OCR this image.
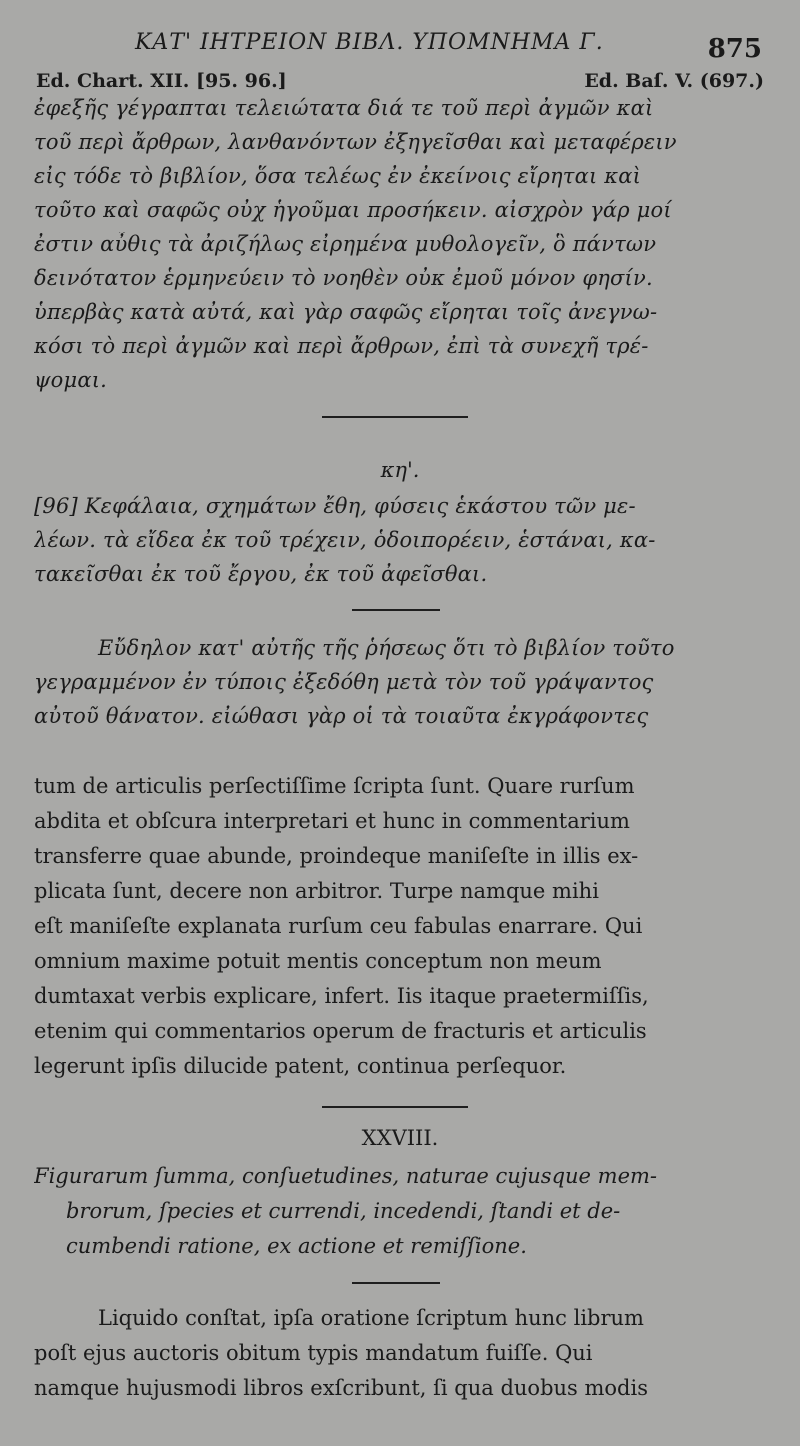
ΚΑΤ' ΙΗΤΡΕΙΟΝ ΒΙΒΛ. ΥΠΟΜΝΗΜΑ Γ.	875
Ed. Chart. XII. [95. 96.]	Ed. Baſ. V. (697.)
ἐφεξῆς γέγραπται τελειώτατα διά τε τοῦ περὶ ἀγμῶν καὶ
τοῦ περὶ ἄρθρων, λανθανόντων ἐξηγεῖσθαι καὶ μεταφέρειν
εἰς τόδε τὸ βιβλίον, ὅσα τελέως ἐν ἐκείνοις εἴρηται καὶ
τοῦτο καὶ σαφῶς οὐχ ἡγοῦμαι προσήκειν. αἰσχρὸν γάρ μοί
ἐστιν αὖθις τὰ ἀριζήλως εἰρημένα μυθολογεῖν, ὃ πάντων
δεινότατον ἑρμηνεύειν τὸ νοηθὲν οὐκ ἐμοῦ μόνον φησίν.
ὑπερβὰς κατὰ αὐτά, καὶ γὰρ σαφῶς εἴρηται τοῖς ἀνεγνω-
κόσι τὸ περὶ ἀγμῶν καὶ περὶ ἄρθρων, ἐπὶ τὰ συνεχῆ τρέ-
ψομαι.
κη'.
[96] Κεφάλαια, σχημάτων ἔθη, φύσεις ἑκάστου τῶν με-
λέων. τὰ εἴδεα ἐκ τοῦ τρέχειν, ὁδοιπορέειν, ἑστάναι, κα-
τακεῖσθαι ἐκ τοῦ ἔργου, ἐκ τοῦ ἀφεῖσθαι.
Εὔδηλον κατ' αὐτῆς τῆς ῥήσεως ὅτι τὸ βιβλίον τοῦτο
γεγραμμένον ἐν τύποις ἐξεδόθη μετὰ τὸν τοῦ γράψαντος
αὐτοῦ θάνατον. εἰώθασι γὰρ οἱ τὰ τοιαῦτα ἐκγράφοντες
tum de articulis perſectiſſime ſcripta ſunt. Quare rurſum
abdita et obſcura interpretari et hunc in commentarium
transferre quae abunde, proindeque maniſeſte in illis ex-
plicata ſunt, decere non arbitror. Turpe namque mihi
eſt maniſeſte explanata rurſum ceu fabulas enarrare. Qui
omnium maxime potuit mentis conceptum non meum
dumtaxat verbis explicare, infert. Iis itaque praetermiſſis,
etenim qui commentarios operum de fracturis et articulis
legerunt ipſis dilucide patent, continua perſequor.
XXVIII.
Figurarum ſumma, conſuetudines, naturae cujusque mem-
brorum, ſpecies et currendi, incedendi, ſtandi et de-
cumbendi ratione, ex actione et remiſſione.
Liquido conſtat, ipſa oratione ſcriptum hunc librum
poſt ejus auctoris obitum typis mandatum fuiſſe. Qui
namque hujusmodi libros exſcribunt, ſi qua duobus modis
